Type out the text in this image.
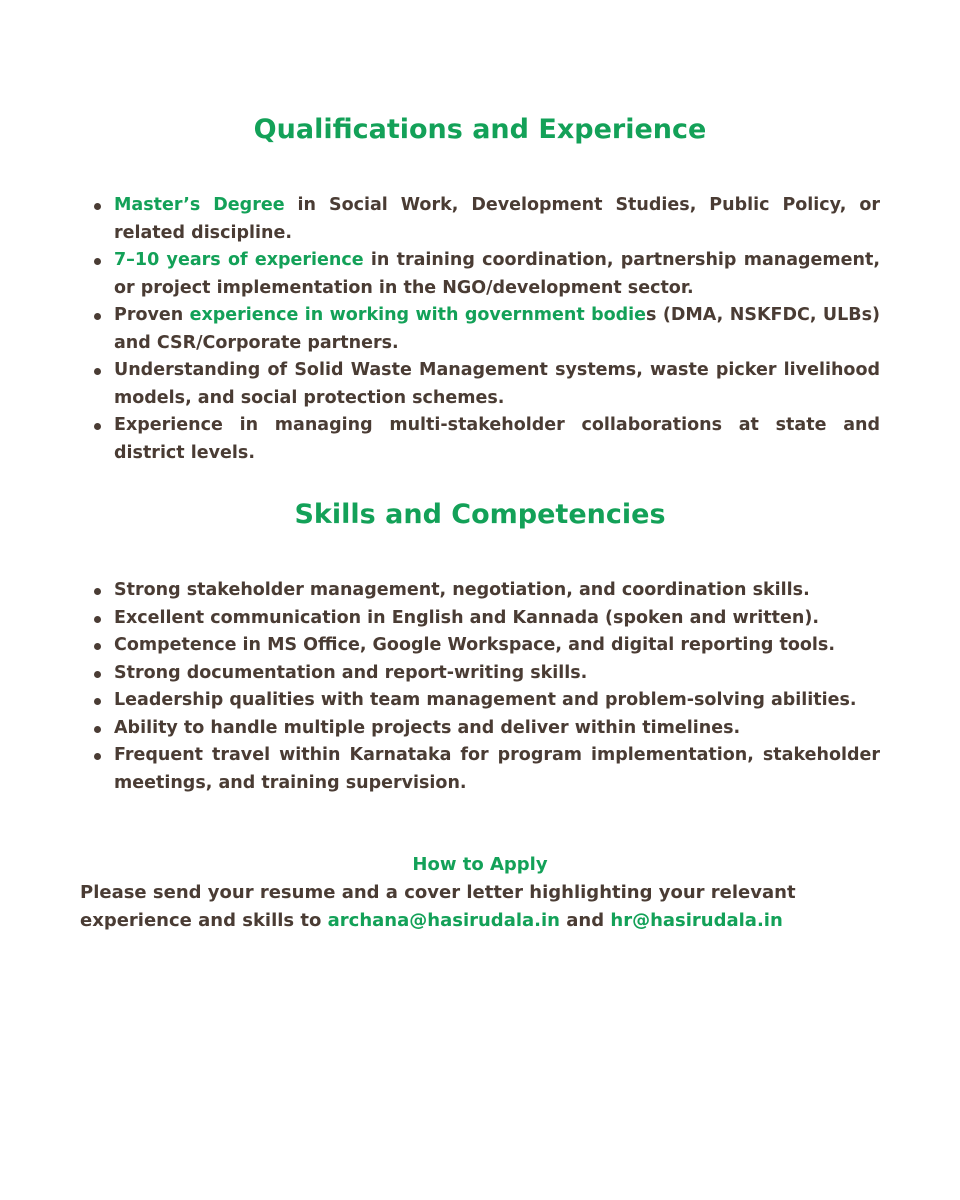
Qualifications and Experience
Master’s Degree in Social Work, Development Studies, Public Policy, or related discipline.
7–10 years of experience in training coordination, partnership management, or project implementation in the NGO/development sector.
Proven experience in working with government bodies (DMA, NSKFDC, ULBs) and CSR/Corporate partners.
Understanding of Solid Waste Management systems, waste picker livelihood models, and social protection schemes.
Experience in managing multi-stakeholder collaborations at state and district levels.
Skills and Competencies
Strong stakeholder management, negotiation, and coordination skills.
Excellent communication in English and Kannada (spoken and written).
Competence in MS Office, Google Workspace, and digital reporting tools.
Strong documentation and report-writing skills.
Leadership qualities with team management and problem-solving abilities.
Ability to handle multiple projects and deliver within timelines.
Frequent travel within Karnataka for program implementation, stakeholder meetings, and training supervision.
How to Apply

Please send your resume and a cover letter highlighting your relevant experience and skills to archana@hasirudala.in and hr@hasirudala.in
